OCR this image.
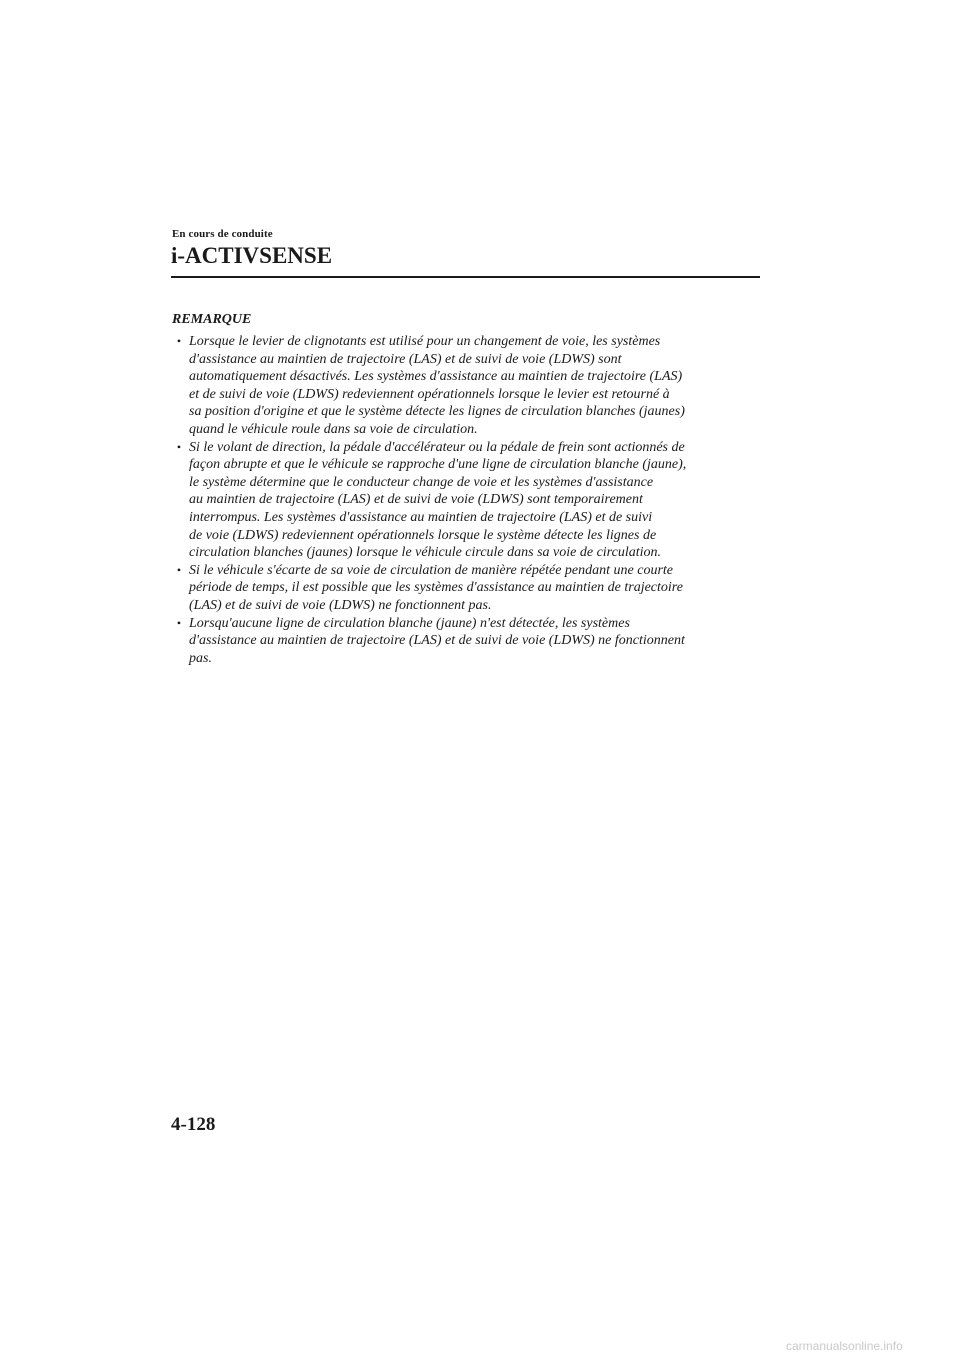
En cours de conduite
i-ACTIVSENSE
REMARQUE
• Lorsque le levier de clignotants est utilisé pour un changement de voie, les systèmes
d'assistance au maintien de trajectoire (LAS) et de suivi de voie (LDWS) sont
automatiquement désactivés. Les systèmes d'assistance au maintien de trajectoire (LAS)
et de suivi de voie (LDWS) redeviennent opérationnels lorsque le levier est retourné à
sa position d'origine et que le système détecte les lignes de circulation blanches (jaunes)
quand le véhicule roule dans sa voie de circulation.
• Si le volant de direction, la pédale d'accélérateur ou la pédale de frein sont actionnés de
façon abrupte et que le véhicule se rapproche d'une ligne de circulation blanche (jaune),
le système détermine que le conducteur change de voie et les systèmes d'assistance
au maintien de trajectoire (LAS) et de suivi de voie (LDWS) sont temporairement
interrompus. Les systèmes d'assistance au maintien de trajectoire (LAS) et de suivi
de voie (LDWS) redeviennent opérationnels lorsque le système détecte les lignes de
circulation blanches (jaunes) lorsque le véhicule circule dans sa voie de circulation.
• Si le véhicule s'écarte de sa voie de circulation de manière répétée pendant une courte
période de temps, il est possible que les systèmes d'assistance au maintien de trajectoire
(LAS) et de suivi de voie (LDWS) ne fonctionnent pas.
• Lorsqu'aucune ligne de circulation blanche (jaune) n'est détectée, les systèmes
d'assistance au maintien de trajectoire (LAS) et de suivi de voie (LDWS) ne fonctionnent
pas.
4-128
carmanualsonline.info
